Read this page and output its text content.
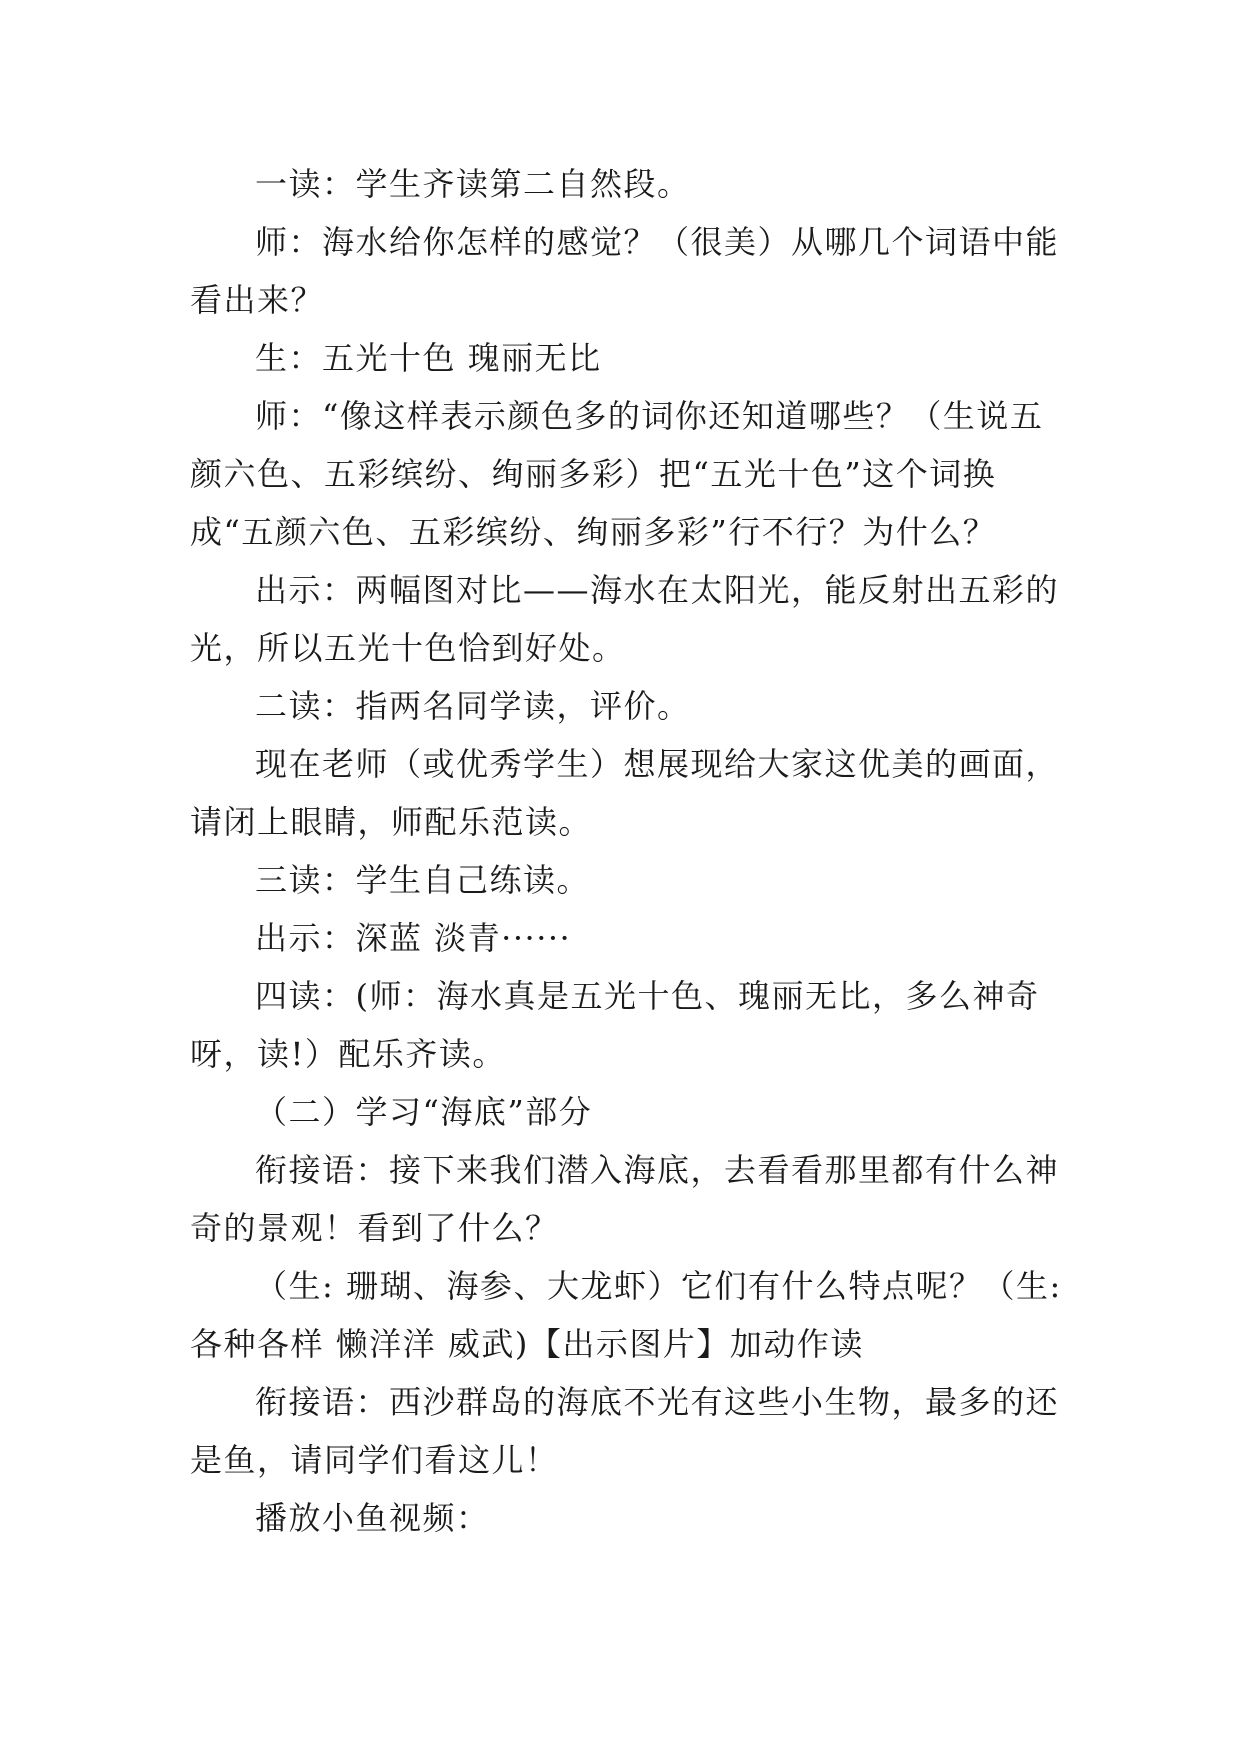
一读：学生齐读第二自然段。

师：海水给你怎样的感觉？（很美）从哪几个词语中能看出来？

生：五光十色 瑰丽无比

师：“像这样表示颜色多的词你还知道哪些？（生说五颜六色、五彩缤纷、绚丽多彩）把“五光十色”这个词换成“五颜六色、五彩缤纷、绚丽多彩”行不行？为什么？

出示：两幅图对比——海水在太阳光，能反射出五彩的光，所以五光十色恰到好处。

二读：指两名同学读，评价。

现在老师（或优秀学生）想展现给大家这优美的画面，请闭上眼睛，师配乐范读。

三读：学生自己练读。

出示：深蓝 淡青······

四读：(师：海水真是五光十色、瑰丽无比，多么神奇呀，读!）配乐齐读。

（二）学习“海底”部分

衔接语：接下来我们潜入海底，去看看那里都有什么神奇的景观！看到了什么？

（生: 珊瑚、海参、大龙虾）它们有什么特点呢？（生: 各种各样 懒洋洋 威武)【出示图片】加动作读

衔接语：西沙群岛的海底不光有这些小生物，最多的还是鱼，请同学们看这儿！

播放小鱼视频：
